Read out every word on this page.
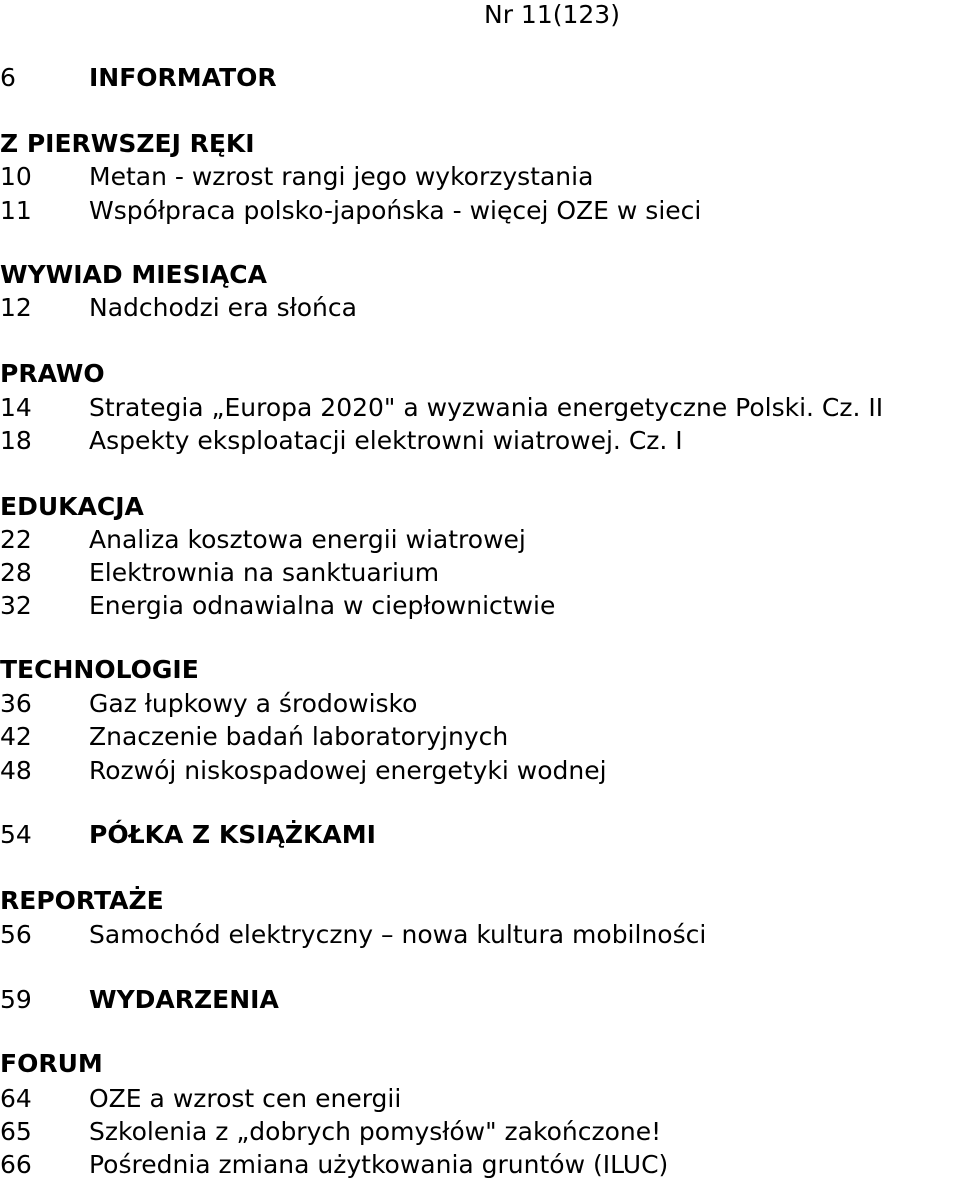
Nr 11(123)
6	INFORMATOR
Z PIERWSZEJ RĘKI
10 Metan - wzrost rangi jego wykorzystania
11 Współpraca polsko-japońska - więcej OZE w sieci
WYWIAD MIESIĄCA
12 Nadchodzi era słońca
PRAWO
14 Strategia „Europa 2020" a wyzwania energetyczne Polski. Cz. II
18 Aspekty eksploatacji elektrowni wiatrowej. Cz. I
EDUKACJA
22 Analiza kosztowa energii wiatrowej
28 Elektrownia na sanktuarium
32 Energia odnawialna w ciepłownictwie
TECHNOLOGIE
36 Gaz łupkowy a środowisko
42 Znaczenie badań laboratoryjnych
48 Rozwój niskospadowej energetyki wodnej
54 PÓŁKA Z KSIĄŻKAMI
REPORTAŻE
56 Samochód elektryczny – nowa kultura mobilności
59 WYDARZENIA
FORUM
64 OZE a wzrost cen energii
65 Szkolenia z „dobrych pomysłów" zakończone!
66 Pośrednia zmiana użytkowania gruntów (ILUC)
